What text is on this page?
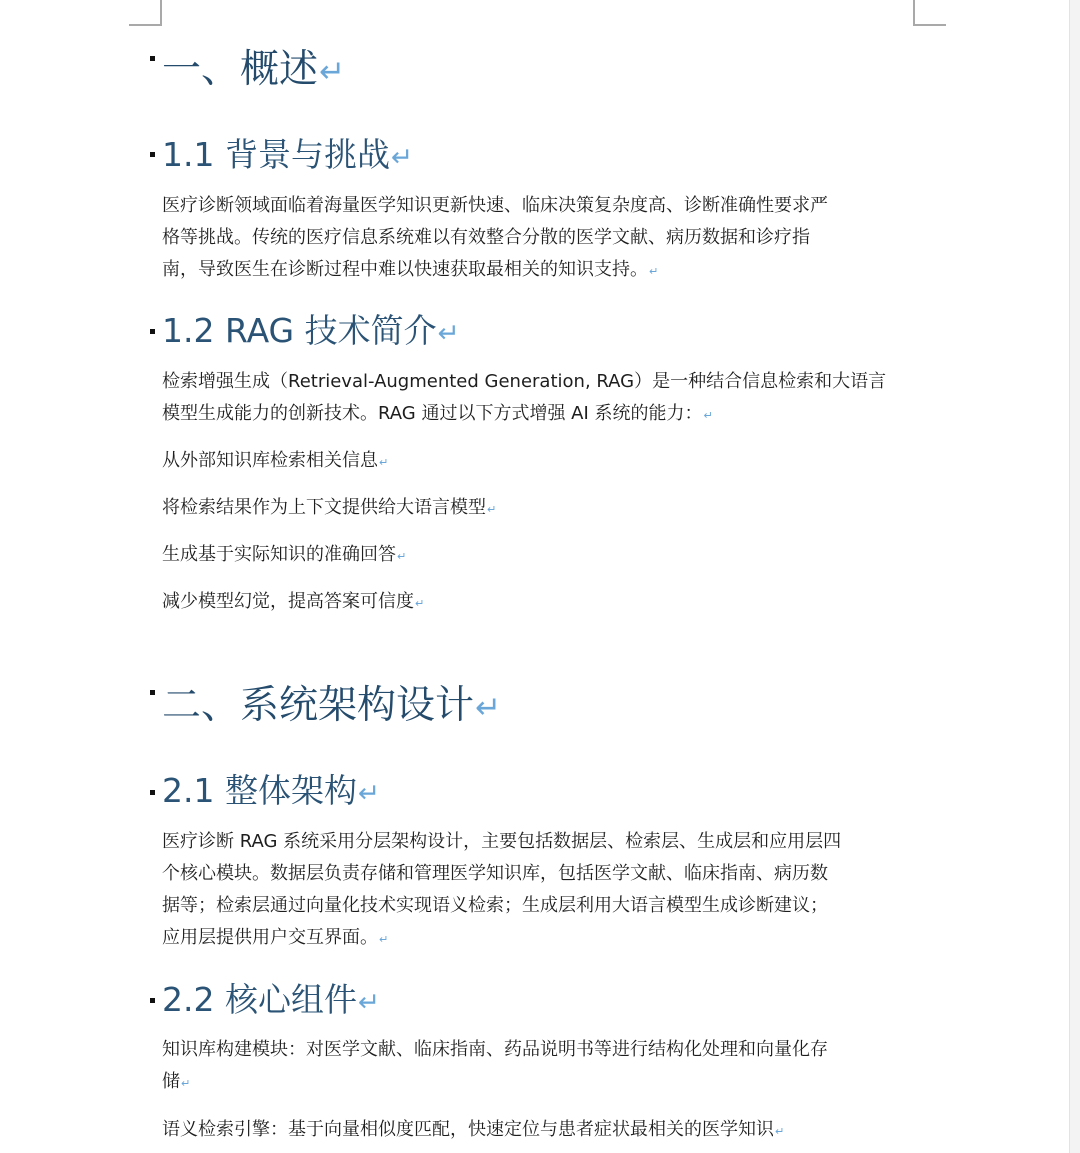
一、概述↵
1.1 背景与挑战↵
医疗诊断领域面临着海量医学知识更新快速、临床决策复杂度高、诊断准确性要求严
格等挑战。传统的医疗信息系统难以有效整合分散的医学文献、病历数据和诊疗指
南，导致医生在诊断过程中难以快速获取最相关的知识支持。↵
1.2 RAG 技术简介↵
检索增强生成（Retrieval-Augmented Generation, RAG）是一种结合信息检索和大语言
模型生成能力的创新技术。RAG 通过以下方式增强 AI 系统的能力：↵
从外部知识库检索相关信息↵
将检索结果作为上下文提供给大语言模型↵
生成基于实际知识的准确回答↵
减少模型幻觉，提高答案可信度↵
二、系统架构设计↵
2.1 整体架构↵
医疗诊断 RAG 系统采用分层架构设计，主要包括数据层、检索层、生成层和应用层四
个核心模块。数据层负责存储和管理医学知识库，包括医学文献、临床指南、病历数
据等；检索层通过向量化技术实现语义检索；生成层利用大语言模型生成诊断建议；
应用层提供用户交互界面。↵
2.2 核心组件↵
知识库构建模块：对医学文献、临床指南、药品说明书等进行结构化处理和向量化存
储↵
语义检索引擎：基于向量相似度匹配，快速定位与患者症状最相关的医学知识↵
